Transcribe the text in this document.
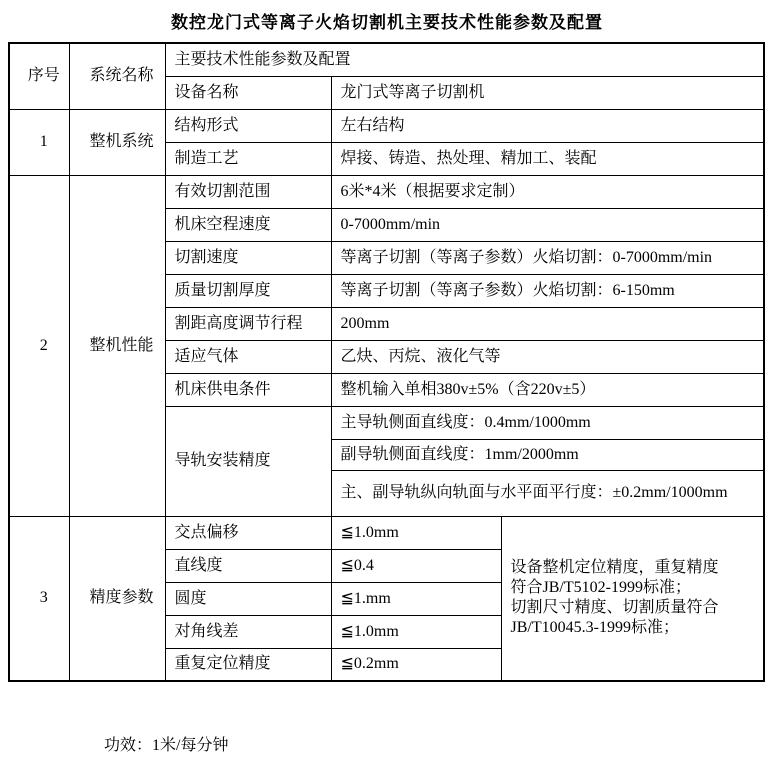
数控龙门式等离子火焰切割机主要技术性能参数及配置
序号	系统名称	主要技术性能参数及配置		
		设备名称	龙门式等离子切割机	
1	整机系统	结构形式	左右结构	
		制造工艺	焊接、铸造、热处理、精加工、装配	
2	整机性能	有效切割范围	6米*4米（根据要求定制）	
		机床空程速度	0-7000mm/min	
		切割速度	等离子切割（等离子参数）火焰切割：0-7000mm/min	
		质量切割厚度	等离子切割（等离子参数）火焰切割：6-150mm	
		割距高度调节行程	200mm	
		适应气体	乙炔、丙烷、液化气等	
		机床供电条件	整机输入单相380v±5%（含220v±5）	
		导轨安装精度	主导轨侧面直线度：0.4mm/1000mm	
			副导轨侧面直线度：1mm/2000mm	
			主、副导轨纵向轨面与水平面平行度：±0.2mm/1000mm	
3	精度参数	交点偏移	≦1.0mm	设备整机定位精度，重复精度
符合JB/T5102-1999标准；
切割尺寸精度、切割质量符合
JB/T10045.3-1999标准；

		直线度	≦0.4	
		圆度	≦1.mm	
		对角线差	≦1.0mm	
		重复定位精度	≦0.2mm	
功效：1米/每分钟
